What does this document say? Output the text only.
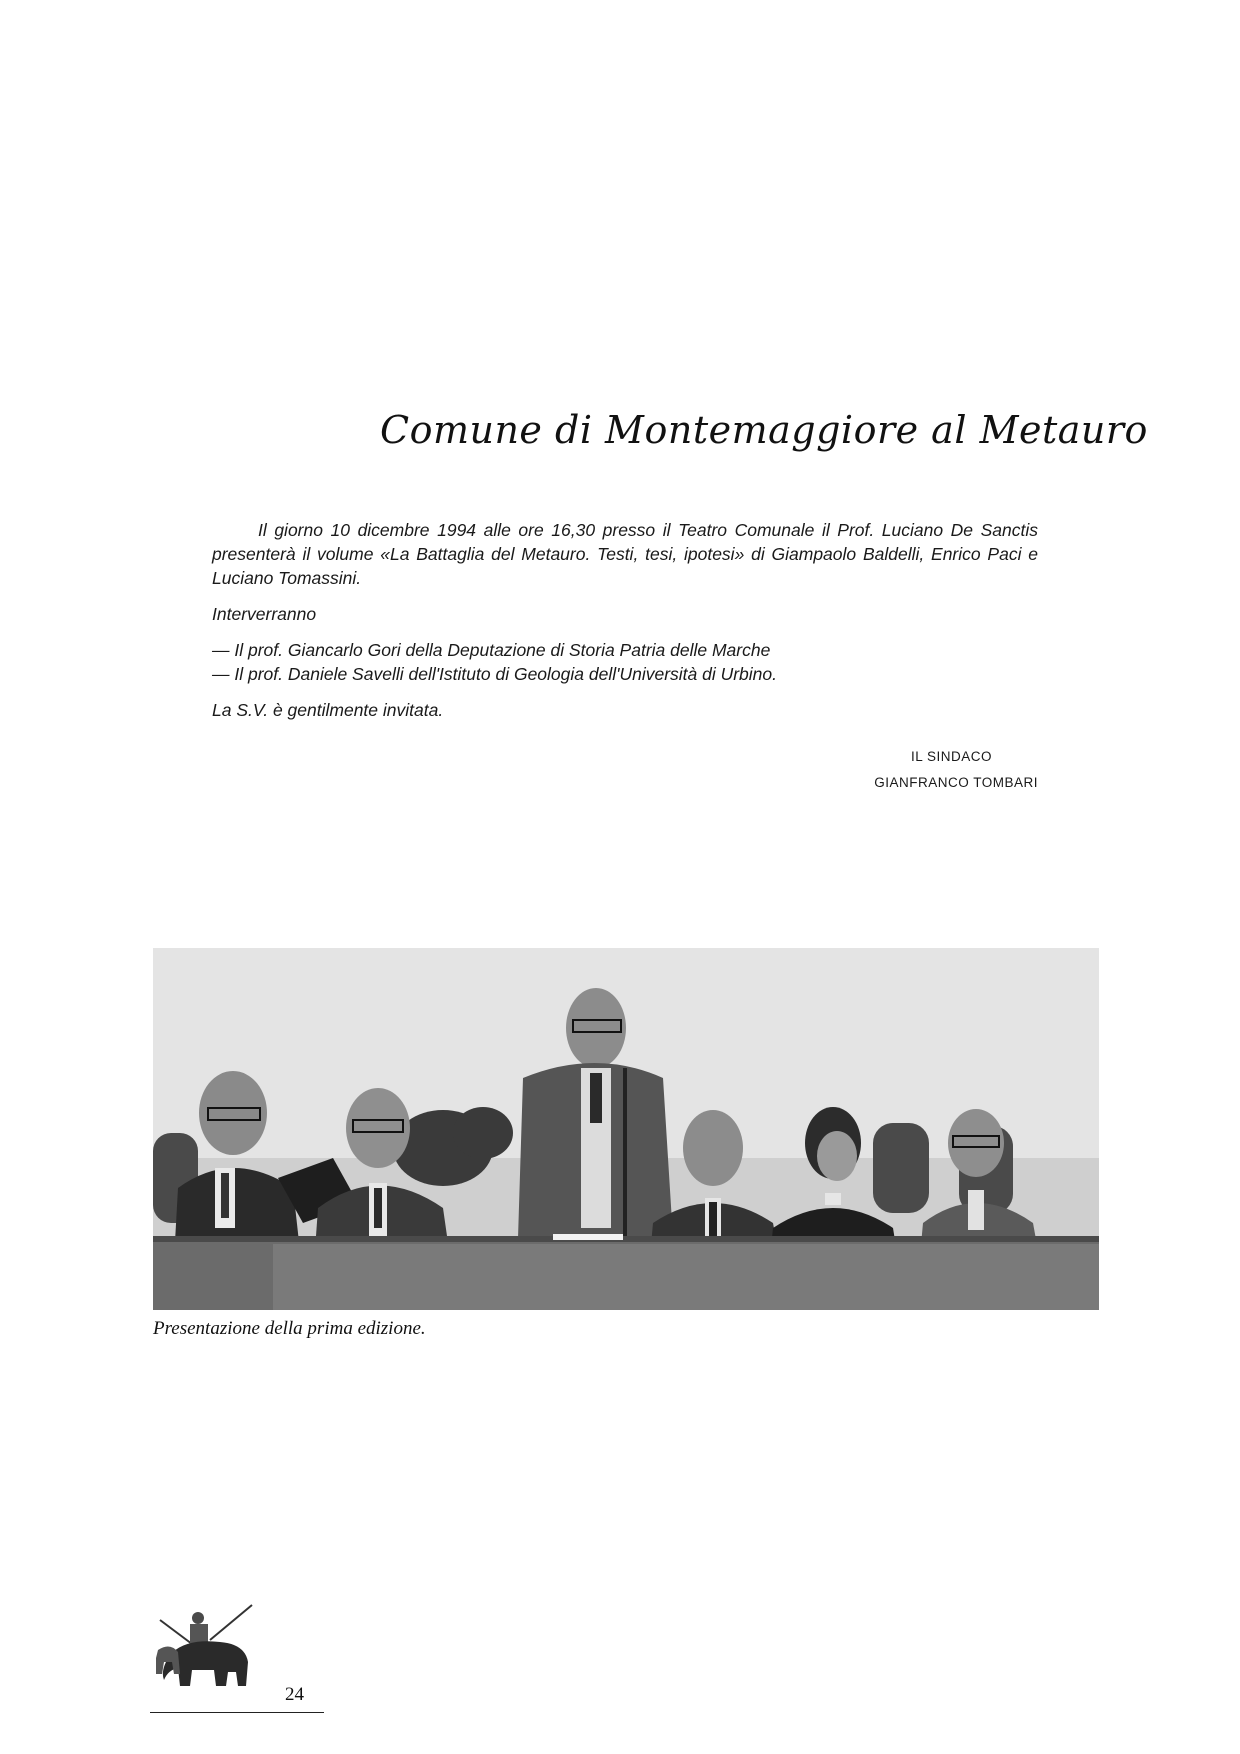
Comune di Montemaggiore al Metauro

Il giorno 10 dicembre 1994 alle ore 16,30 presso il Teatro Comunale il Prof. Luciano De Sanctis presenterà il volume «La Battaglia del Metauro. Testi, tesi, ipotesi» di Giampaolo Baldelli, Enrico Paci e Luciano Tomassini.

Interverranno

— Il prof. Giancarlo Gori della Deputazione di Storia Patria delle Marche

— Il prof. Daniele Savelli dell'Istituto di Geologia dell'Università di Urbino.

La S.V. è gentilmente invitata.

IL SINDACO
GIANFRANCO TOMBARI
Presentazione della prima edizione.
24
